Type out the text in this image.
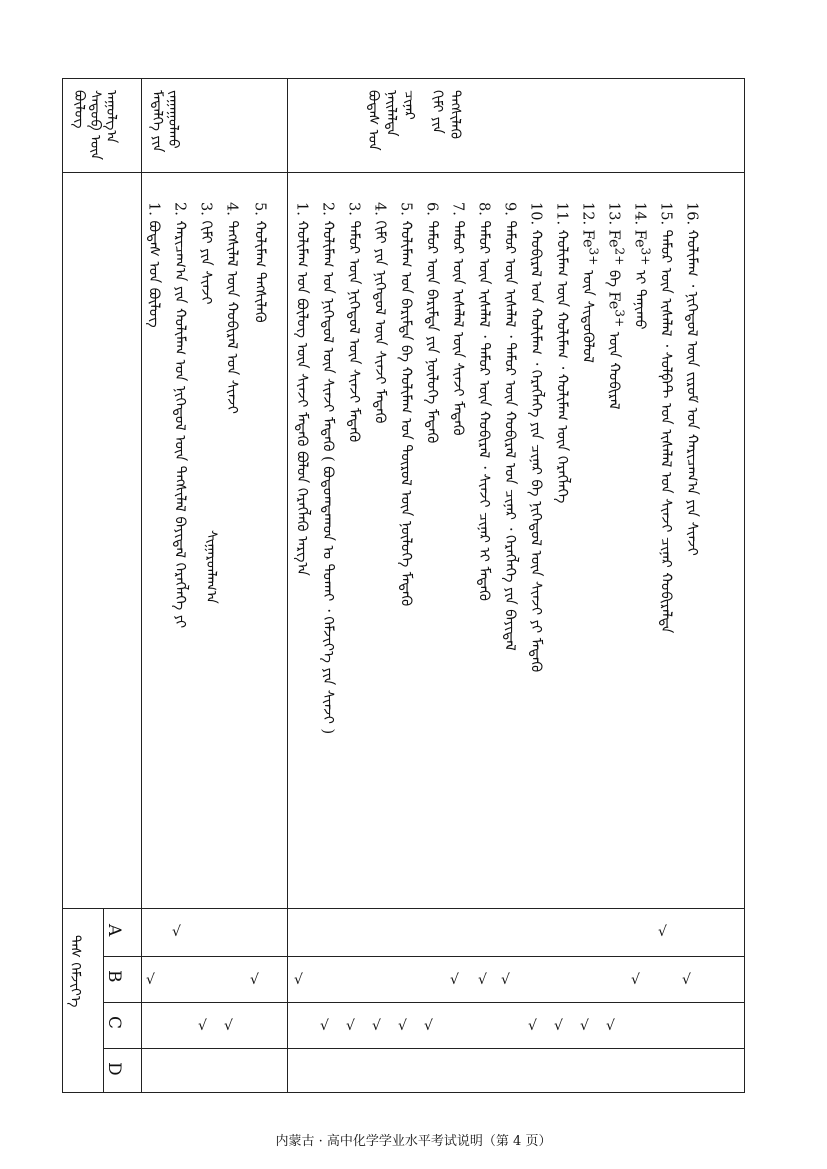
ᠪᠦᠯᠦᠭ ᠰᠡᠳᠦᠪ ᠦᠨ ᠠᠭᠤᠯᠭ᠎ᠠ ᠮᠡᠳᠡᠯᠭᠡ ᠶᠢᠨ ᠵᠠᠭᠠᠭᠤᠯᠬᠤ	ᠪᠣᠳᠠᠰ ᠤᠨ ᠨᠡᠢᠯᠡᠯᠳᠡ ᠴᠢᠨᠠᠷ ᠬᠢᠮᠢ ᠶᠢᠨ ᠲᠡᠭᠰᠢᠯᠡᠬᠦ
ᠰᠢᠭᠠᠷᠳᠯᠠᠭ᠎ᠠ
ᠳᠡᠰ ᠬᠡᠮᠵᠢᠶ᠎ᠡ
A
B
C
D
5. ᠬᠣᠯᠢᠮᠠᠭ ᠲᠡᠭᠰᠢᠯᠡᠬᠦ
4. ᠲᠡᠭᠰᠢᠯᠡᠯ ᠦᠨ ᠬᠤᠪᠢᠷᠠᠯ ᠤᠨ ᠰᠢᠨᠵᠢ
3. ᠬᠢᠮᠢ ᠶᠢᠨ ᠰᠢᠨᠵᠢ
2. ᠬᠠᠷᠢᠴᠠᠭ᠎ᠠ ᠶᠢᠨ ᠬᠣᠯᠢᠮᠠᠭ ᠤᠨ ᠨᠢᠭᠡᠳᠦᠯ ᠦᠨ ᠲᠡᠭᠰᠢᠯᠡᠯ ᠪᠠᠶᠢᠳᠠᠯ ᠬᠡᠷᠡᠭᠯᠡᠭᠡ ᠶᠢ
1. ᠪᠣᠳᠠᠰ ᠤᠨ ᠪᠦᠯᠦᠭ
16. ᠬᠣᠯᠢᠮᠠᠭ ᠂ ᠨᠢᠭᠡᠳᠦᠯ ᠦᠨ ᠵᠢᠷᠤᠮ ᠤᠨ ᠬᠠᠷᠢᠴᠠᠭ᠎ᠠ ᠶᠢᠨ ᠰᠢᠨᠵᠢ
15. ᠲᠡᠮᠦᠷ ᠦᠨ ᠢᠰᠡᠯᠡᠯ ᠂ ᠰᠤᠯᠹᠠᠲ ᠤᠨ ᠢᠰᠡᠯᠡᠯ ᠤᠨ ᠰᠢᠨᠵᠢ ᠴᠢᠨᠠᠷ ᠬᠤᠪᠢᠷᠠᠯᠲᠠ
14. $Fe^{3+}$ ᠢ ᠲᠠᠨᠢᠬᠤ
13. $Fe^{2+}$ ᠪᠠ $Fe^{3+}$ ᠦᠨ ᠬᠤᠪᠢᠷᠠᠯ
12. $Fe^{3+}$ ᠦᠨ ᠰᠢᠳᠦᠭᠦᠯᠦᠯ
11. ᠬᠣᠯᠢᠮᠠᠭ ᠦᠨ ᠬᠣᠯᠢᠮᠠᠭ ᠂ ᠬᠣᠯᠢᠮᠠᠭ ᠦᠨ ᠬᠡᠷᠡᠭᠯᠡᠭᠡ
10. ᠬᠤᠪᠢᠷᠠᠯ ᠤᠨ ᠬᠣᠯᠢᠮᠠᠭ ᠂ ᠬᠡᠷᠡᠭᠯᠡᠭᠡ ᠶᠢᠨ ᠴᠢᠨᠠᠷ ᠪᠠ ᠨᠢᠭᠡᠳᠦᠯ ᠦᠨ ᠰᠢᠨᠵᠢ ᠶᠢ ᠮᠡᠳᠡᠬᠦ
9. ᠲᠡᠮᠦᠷ ᠦᠨ ᠢᠰᠡᠯᠡᠯ ᠂ ᠲᠡᠮᠦᠷ ᠦᠨ ᠬᠤᠪᠢᠷᠠᠯ ᠤᠨ ᠴᠢᠨᠠᠷ ᠂ ᠬᠡᠷᠡᠭᠯᠡᠭᠡ ᠶᠢᠨ ᠪᠠᠶᠢᠳᠠᠯ
8. ᠲᠡᠮᠦᠷ ᠦᠨ ᠢᠰᠡᠯᠡᠯ ᠂ ᠲᠡᠮᠦᠷ ᠦᠨ ᠬᠤᠪᠢᠷᠠᠯ ᠂ ᠰᠢᠨᠵᠢ ᠴᠢᠨᠠᠷ ᠢ ᠮᠡᠳᠡᠬᠦ
7. ᠲᠡᠮᠦᠷ ᠦᠨ ᠢᠰᠡᠯᠡᠯ ᠦᠨ ᠰᠢᠨᠵᠢ ᠮᠡᠳᠡᠬᠦ
6. ᠲᠡᠮᠦᠷ ᠦᠨ ᠪᠠᠷᠢᠮᠲᠠ ᠶᠢᠨ ᠨᠥᠯᠥᠭᠡ ᠮᠡᠳᠡᠬᠦ
5. ᠬᠣᠯᠢᠮᠠᠭ ᠤᠨ ᠪᠠᠷᠢᠮᠲᠠ ᠪᠠ ᠬᠣᠯᠢᠮᠠᠭ ᠤᠨ ᠲᠥᠷᠥᠯ ᠦᠨ ᠨᠥᠯᠥᠭᠡ ᠮᠡᠳᠡᠬᠦ
4. ᠬᠢᠮᠢ ᠶᠢᠨ ᠨᠢᠭᠡᠳᠦᠯ ᠦᠨ ᠰᠢᠨᠵᠢ ᠮᠡᠳᠡᠬᠦ
3. ᠲᠡᠮᠦᠷ ᠦᠨ ᠨᠢᠭᠡᠳᠦᠯ ᠦᠨ ᠰᠢᠨᠵᠢ ᠮᠡᠳᠡᠬᠦ
2. ᠬᠣᠯᠢᠮᠠᠭ ᠤᠨ ᠨᠢᠭᠡᠳᠦᠯ ᠦᠨ ᠰᠢᠨᠵᠢ ᠮᠡᠳᠡᠬᠦ ( ᠪᠤᠳᠤᠭᠳᠠᠬᠤᠨ ᠤ ᠲᠤᠬᠠᠢ ᠂ ᠬᠡᠮᠵᠢᠶ᠎ᠡ ᠶᠢᠨ ᠰᠢᠨᠵᠢ )
1. ᠬᠣᠯᠢᠮᠠᠭ ᠤᠨ ᠪᠦᠯᠦᠭ ᠦᠨ ᠰᠢᠨᠵᠢ ᠮᠡᠳᠡᠬᠦ ᠪᠣᠯᠤᠨ ᠬᠡᠷᠡᠭᠯᠡᠬᠦ ᠠᠷᠭ᠎ᠠ
√
√
√
√
√
√
√
√
√
√
√
√
√
√
√
√
√
√
√
√
√
内蒙古 · 高中化学学业水平考试说明（第 4 页）
